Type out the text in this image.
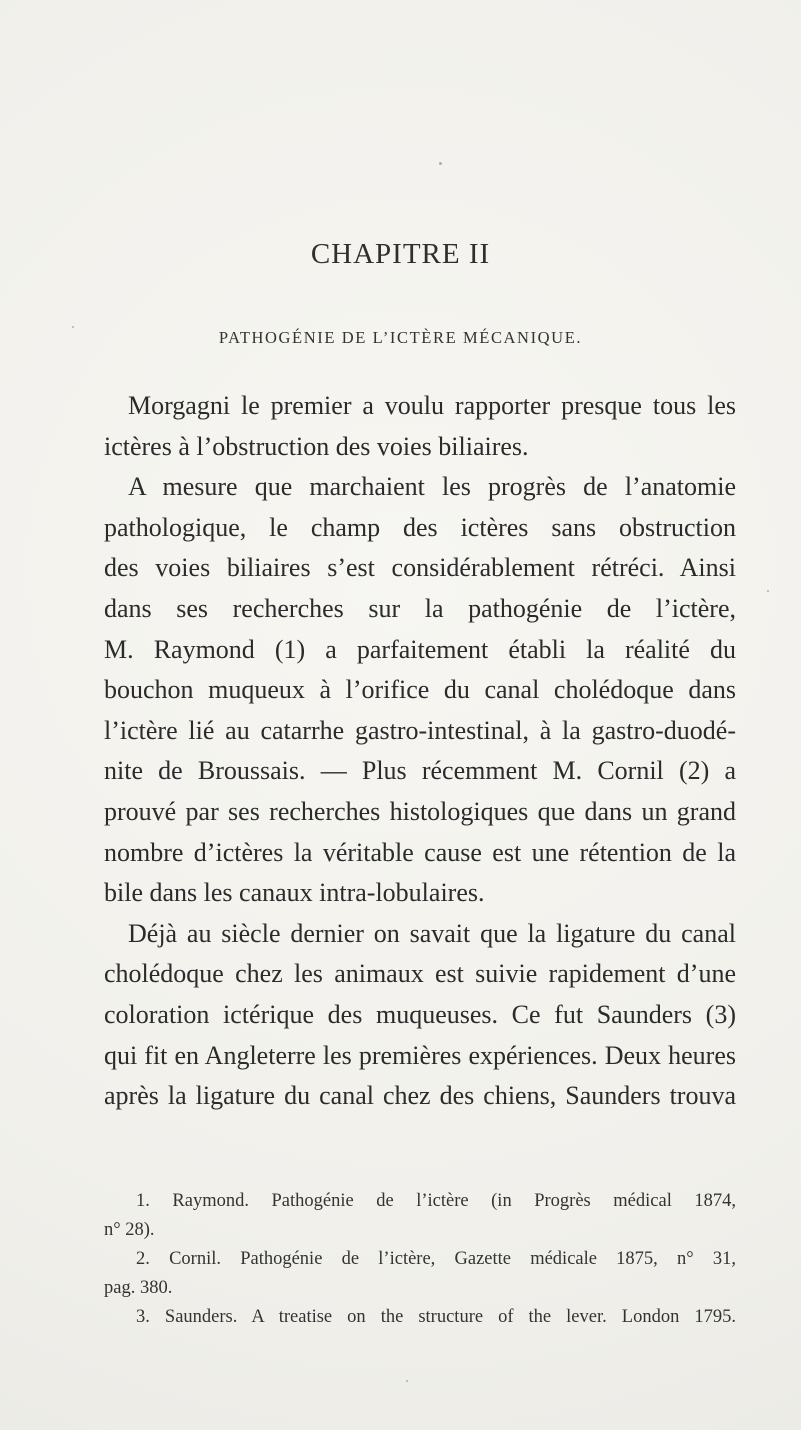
CHAPITRE II
PATHOGÉNIE DE L’ICTÈRE MÉCANIQUE.
Morgagni le premier a voulu rapporter presque tous les
ictères à l’obstruction des voies biliaires.
A mesure que marchaient les progrès de l’anatomie
pathologique, le champ des ictères sans obstruction
des voies biliaires s’est considérablement rétréci. Ainsi
dans ses recherches sur la pathogénie de l’ictère,
M. Raymond (1) a parfaitement établi la réalité du
bouchon muqueux à l’orifice du canal cholédoque dans
l’ictère lié au catarrhe gastro-intestinal, à la gastro-duodé-
nite de Broussais. — Plus récemment M. Cornil (2) a
prouvé par ses recherches histologiques que dans un grand
nombre d’ictères la véritable cause est une rétention de la
bile dans les canaux intra-lobulaires.
Déjà au siècle dernier on savait que la ligature du canal
cholédoque chez les animaux est suivie rapidement d’une
coloration ictérique des muqueuses. Ce fut Saunders (3)
qui fit en Angleterre les premières expériences. Deux heures
après la ligature du canal chez des chiens, Saunders trouva
1. Raymond. Pathogénie de l’ictère (in Progrès médical 1874,
n° 28).
2. Cornil. Pathogénie de l’ictère, Gazette médicale 1875, n° 31,
pag. 380.
3. Saunders. A treatise on the structure of the lever. London 1795.
